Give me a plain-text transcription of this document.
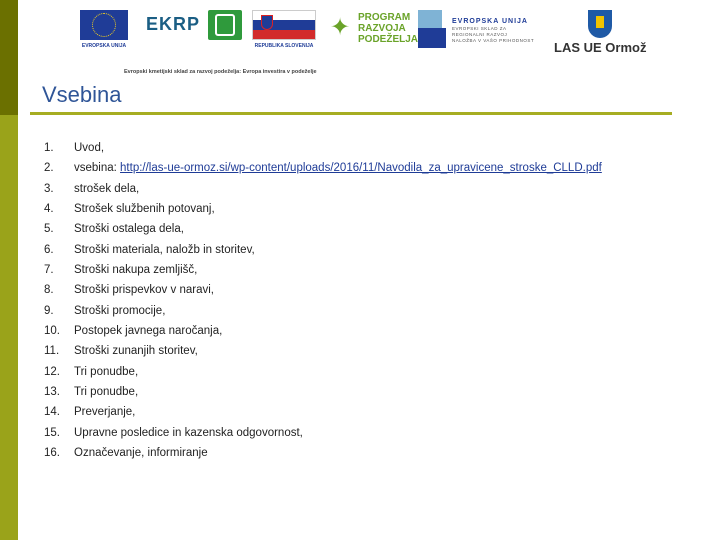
EVROPSKA UNIJA
EKRP
REPUBLIKA SLOVENIJA
✦ PROGRAM
RAZVOJA
PODEŽELJA
EVROPSKA UNIJA
EVROPSKI SKLAD ZA
REGIONALNI RAZVOJ
NALOŽBA V VAŠO PRIHODNOST LAS UE Ormož
Evropski kmetijski sklad za razvoj podeželja: Evropa investira v podeželje
Vsebina
1.	Uvod,
2.	vsebina: http://las-ue-ormoz.si/wp-content/uploads/2016/11/Navodila_za_upravicene_stroske_CLLD.pdf
3.	strošek dela,
4.	Strošek službenih potovanj,
5.	Stroški ostalega dela,
6.	Stroški materiala, naložb in storitev,
7.	Stroški nakupa zemljišč,
8.	Stroški prispevkov v naravi,
9.	Stroški promocije,
10.	Postopek javnega naročanja,
11.	Stroški zunanjih storitev,
12.	Tri ponudbe,
13.	Tri ponudbe,
14.	Preverjanje,
15.	Upravne posledice in kazenska odgovornost,
16.	Označevanje, informiranje
